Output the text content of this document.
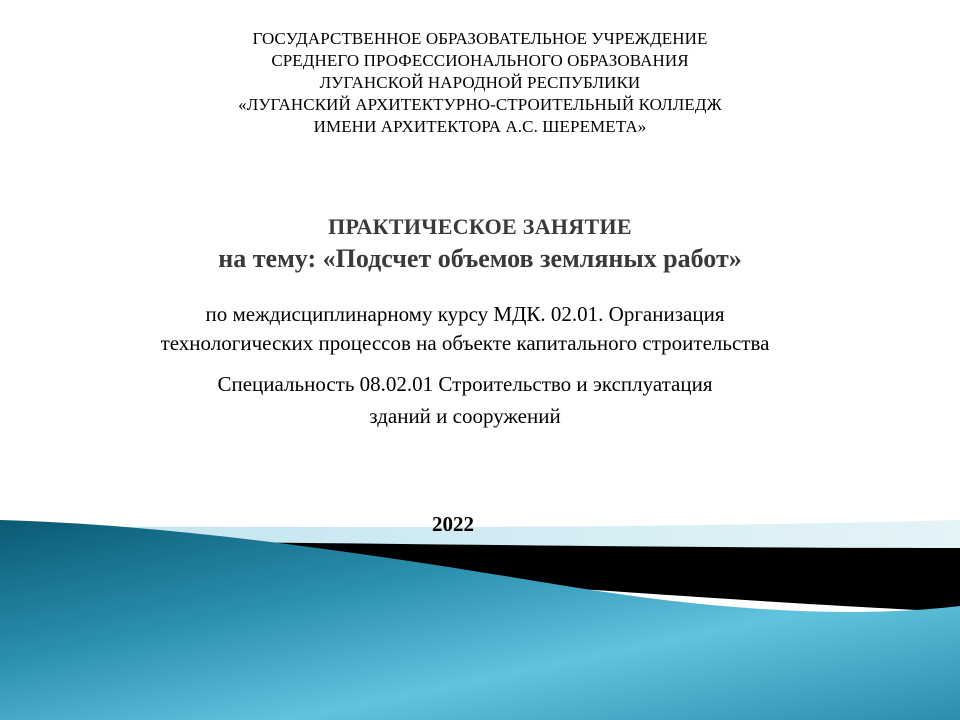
ГОСУДАРСТВЕННОЕ ОБРАЗОВАТЕЛЬНОЕ УЧРЕЖДЕНИЕ
СРЕДНЕГО ПРОФЕССИОНАЛЬНОГО ОБРАЗОВАНИЯ
ЛУГАНСКОЙ НАРОДНОЙ РЕСПУБЛИКИ
«ЛУГАНСКИЙ АРХИТЕКТУРНО-СТРОИТЕЛЬНЫЙ КОЛЛЕДЖ
ИМЕНИ АРХИТЕКТОРА А.С. ШЕРЕМЕТА»
ПРАКТИЧЕСКОЕ ЗАНЯТИЕ
на тему: «Подсчет объемов земляных работ»
по междисциплинарному курсу МДК. 02.01. Организация
технологических процессов на объекте капитального строительства
Специальность 08.02.01 Строительство и эксплуатация
зданий и сооружений
2022
